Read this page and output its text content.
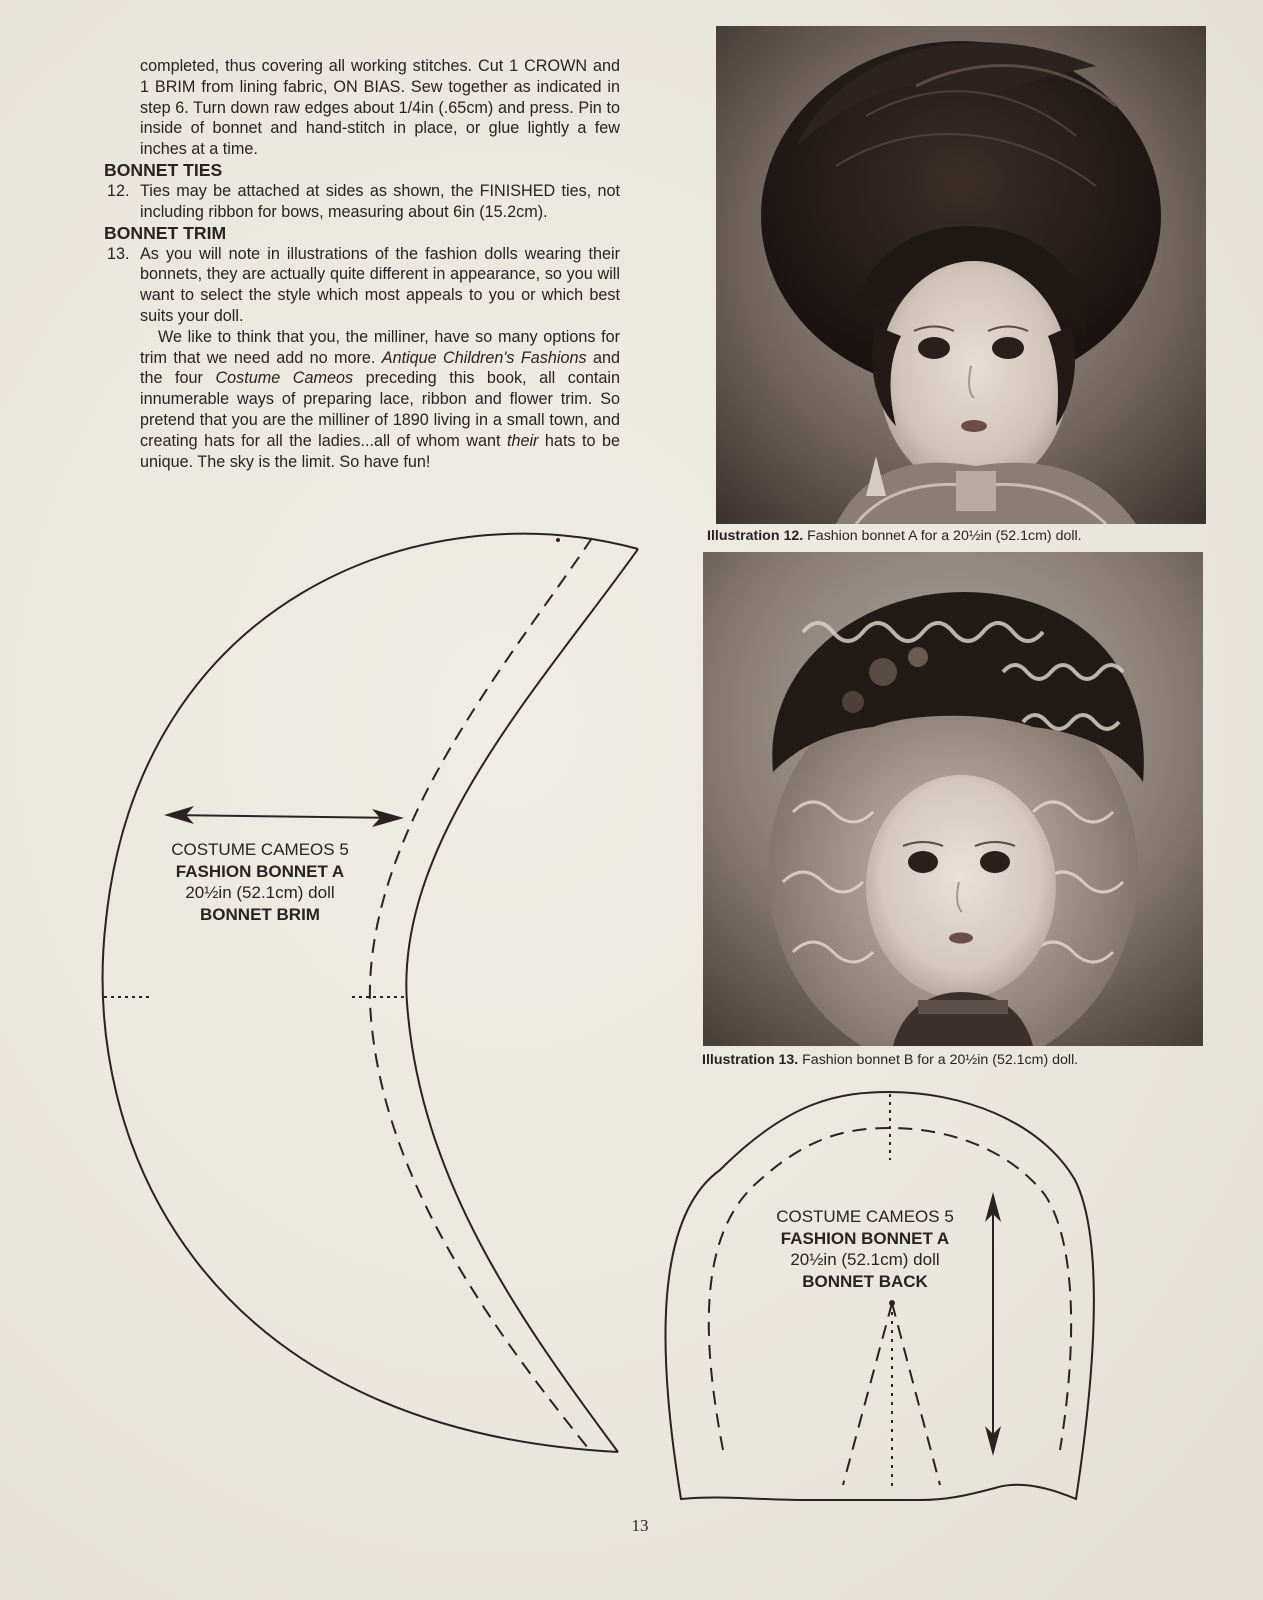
completed, thus covering all working stitches. Cut 1 CROWN and 1 BRIM from lining fabric, ON BIAS. Sew together as indicated in step 6. Turn down raw edges about 1/4in (.65cm) and press. Pin to inside of bonnet and hand-stitch in place, or glue lightly a few inches at a time.

BONNET TIES

12. Ties may be attached at sides as shown, the FINISHED ties, not including ribbon for bows, measuring about 6in (15.2cm).

BONNET TRIM

13. As you will note in illustrations of the fashion dolls wearing their bonnets, they are actually quite different in appearance, so you will want to select the style which most appeals to you or which best suits your doll.

We like to think that you, the milliner, have so many options for trim that we need add no more. Antique Children's Fashions and the four Costume Cameos preceding this book, all contain innumerable ways of preparing lace, ribbon and flower trim. So pretend that you are the milliner of 1890 living in a small town, and creating hats for all the ladies...all of whom want their hats to be unique. The sky is the limit. So have fun!

Illustration 12. Fashion bonnet A for a 20½in (52.1cm) doll.
Illustration 13. Fashion bonnet B for a 20½in (52.1cm) doll.
COSTUME CAMEOS 5
FASHION BONNET A
20½in (52.1cm) doll
BONNET BRIM
COSTUME CAMEOS 5
FASHION BONNET A
20½in (52.1cm) doll
BONNET BACK
13
